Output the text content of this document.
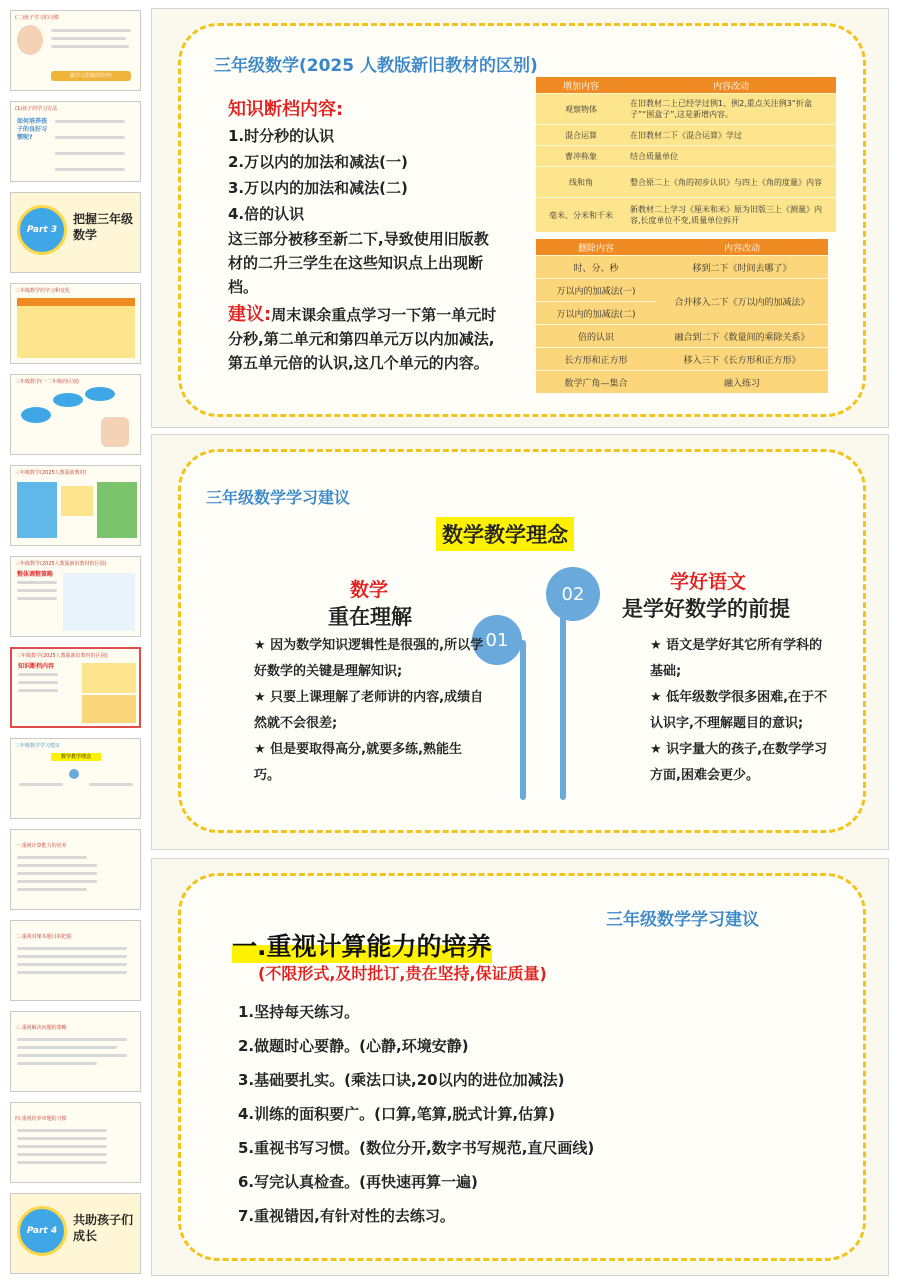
(二)孩子学习的习惯
做学习思维的培养!
(1)孩子的学习方法
如何培养孩子的良好习惯呢?
Part 3
把握三年级数学
三年级数学的学习和变化
三年级数学(一二年级的区别)
三年级数学(2025人教版新教材)
三年级数学(2025人教版新旧教材的区别)
整体调整策略
三年级数学(2025人教版新旧教材的区别)
知识断档内容
三年级数学学习建议
数学教学理念
一.重视计算能力的培养
二.重视对课本题目的把握
三.重视解决问题的策略
四.重视培养审题的习惯
Part 4
共助孩子们成长
三年级数学(2025 人教版新旧教材的区别)
知识断档内容:
1.时分秒的认识
2.万以内的加法和减法(一)
3.万以内的加法和减法(二)
4.倍的认识
这三部分被移至新二下,导致使用旧版教材的二升三学生在这些知识点上出现断档。
建议:周末课余重点学习一下第一单元时分秒,第二单元和第四单元万以内加减法,第五单元倍的认识,这几个单元的内容。
增加内容	内容改动
观察物体	在旧教材二上已经学过例1、例2,重点关注例3“折盒子”“围盒子”,这是新增内容。
混合运算	在旧教材二下《混合运算》学过
曹冲称象	结合质量单位
线和角	整合原二上《角的初步认识》与四上《角的度量》内容
毫米、分米和千米	新教材二上学习《厘米和米》原为旧版三上《测量》内容,长度单位不变,质量单位拆开
删除内容	内容改动
时、分、秒	移到二下《时间去哪了》
万以内的加减法(一)	合并移入二下《万以内的加减法》
万以内的加减法(二)	
倍的认识	融合到二下《数量间的乘除关系》
长方形和正方形	移入三下《长方形和正方形》
数学广角—集合	融入练习
三年级数学学习建议
数学教学理念
数学
重在理解
学好语文
是学好数学的前提
01
02
★ 因为数学知识逻辑性是很强的,所以学好数学的关键是理解知识;
★ 只要上课理解了老师讲的内容,成绩自然就不会很差;
★ 但是要取得高分,就要多练,熟能生巧。
★ 语文是学好其它所有学科的基础;
★ 低年级数学很多困难,在于不认识字,不理解题目的意识;
★ 识字量大的孩子,在数学学习方面,困难会更少。
三年级数学学习建议
一.重视计算能力的培养
(不限形式,及时批订,贵在坚持,保证质量)
1.坚持每天练习。
2.做题时心要静。(心静,环境安静)
3.基础要扎实。(乘法口诀,20以内的进位加减法)
4.训练的面积要广。(口算,笔算,脱式计算,估算)
5.重视书写习惯。(数位分开,数字书写规范,直尺画线)
6.写完认真检查。(再快速再算一遍)
7.重视错因,有针对性的去练习。
